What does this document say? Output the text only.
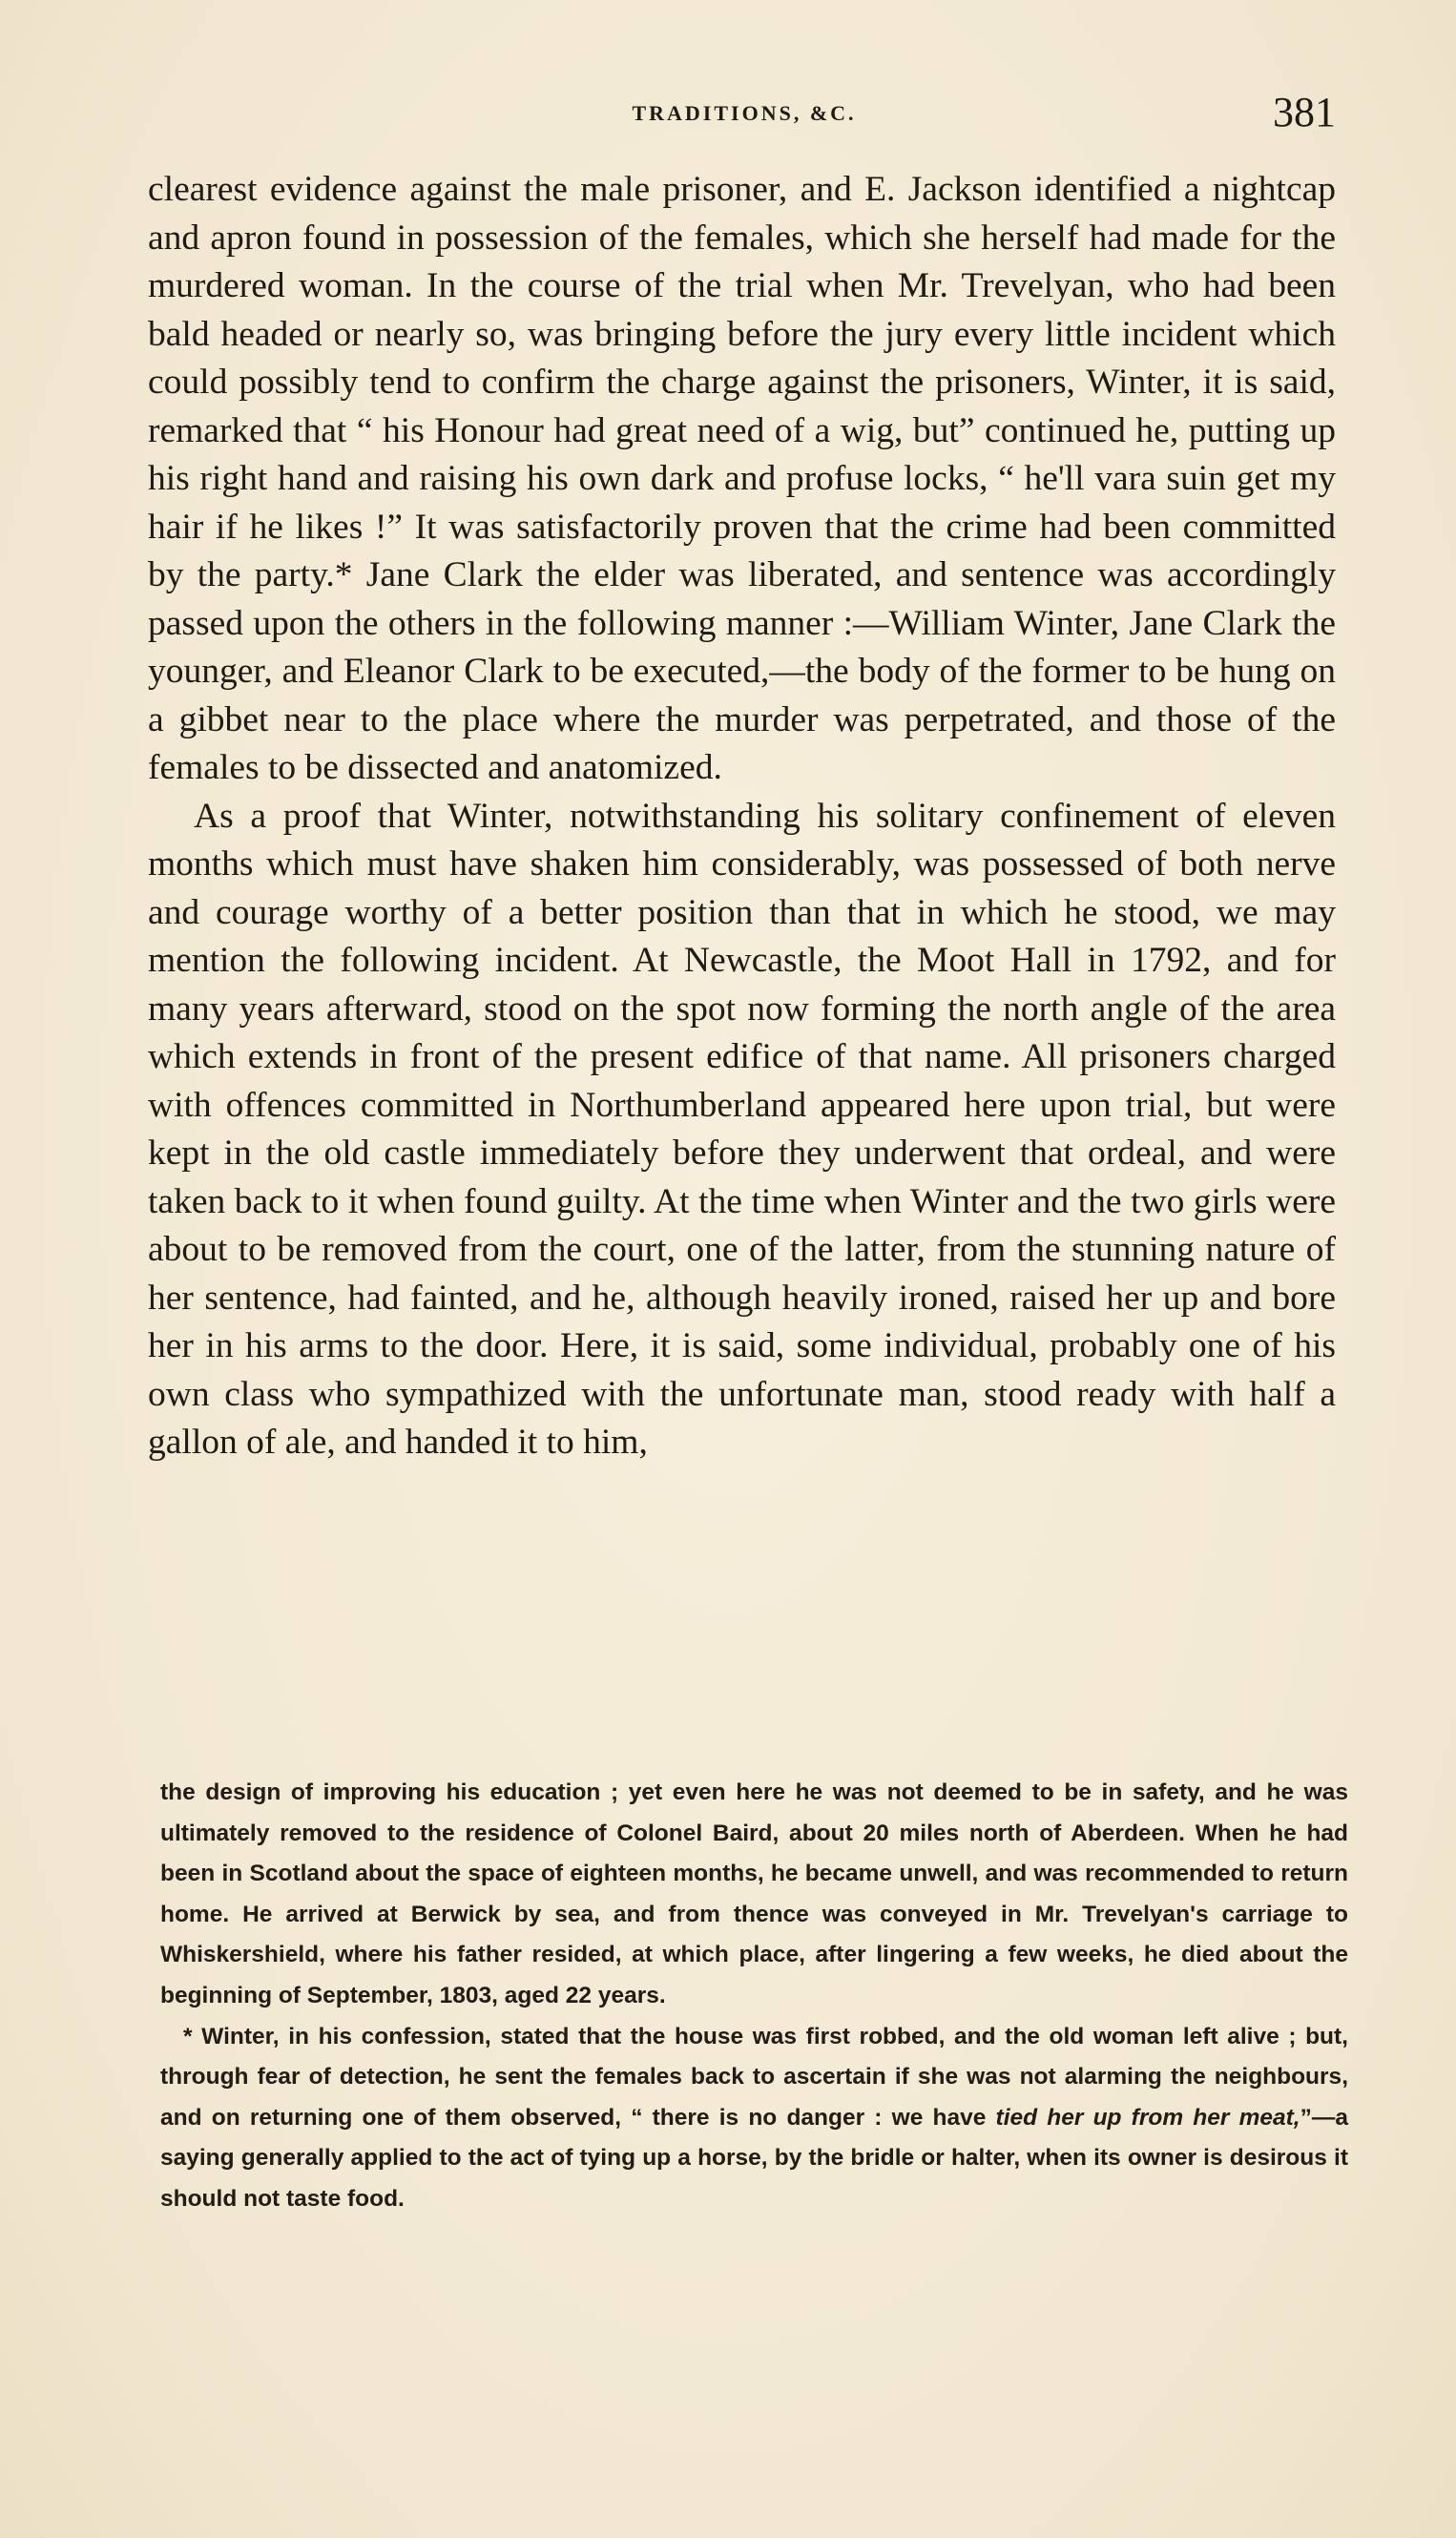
TRADITIONS, &C.	381

clearest evidence against the male prisoner, and E. Jackson identified a nightcap and apron found in possession of the females, which she herself had made for the murdered woman. In the course of the trial when Mr. Trevelyan, who had been bald headed or nearly so, was bringing before the jury every little incident which could possibly tend to confirm the charge against the prisoners, Winter, it is said, remarked that “ his Honour had great need of a wig, but” continued he, putting up his right hand and raising his own dark and profuse locks, “ he'll vara suin get my hair if he likes !” It was satisfactorily proven that the crime had been committed by the party.* Jane Clark the elder was liberated, and sentence was accordingly passed upon the others in the following manner :—William Winter, Jane Clark the younger, and Eleanor Clark to be executed,—the body of the former to be hung on a gibbet near to the place where the murder was perpetrated, and those of the females to be dissected and anatomized.

As a proof that Winter, notwithstanding his solitary confinement of eleven months which must have shaken him considerably, was possessed of both nerve and courage worthy of a better position than that in which he stood, we may mention the following incident. At Newcastle, the Moot Hall in 1792, and for many years afterward, stood on the spot now forming the north angle of the area which extends in front of the present edifice of that name. All prisoners charged with offences committed in Northumberland appeared here upon trial, but were kept in the old castle immediately before they underwent that ordeal, and were taken back to it when found guilty. At the time when Winter and the two girls were about to be removed from the court, one of the latter, from the stunning nature of her sentence, had fainted, and he, although heavily ironed, raised her up and bore her in his arms to the door. Here, it is said, some individual, probably one of his own class who sympathized with the unfortunate man, stood ready with half a gallon of ale, and handed it to him,

the design of improving his education ; yet even here he was not deemed to be in safety, and he was ultimately removed to the residence of Colonel Baird, about 20 miles north of Aberdeen. When he had been in Scotland about the space of eighteen months, he became unwell, and was recommended to return home. He arrived at Berwick by sea, and from thence was conveyed in Mr. Trevelyan's carriage to Whiskershield, where his father resided, at which place, after lingering a few weeks, he died about the beginning of September, 1803, aged 22 years.

* Winter, in his confession, stated that the house was first robbed, and the old woman left alive ; but, through fear of detection, he sent the females back to ascertain if she was not alarming the neighbours, and on returning one of them observed, “ there is no danger : we have tied her up from her meat,”—a saying generally applied to the act of tying up a horse, by the bridle or halter, when its owner is desirous it should not taste food.
